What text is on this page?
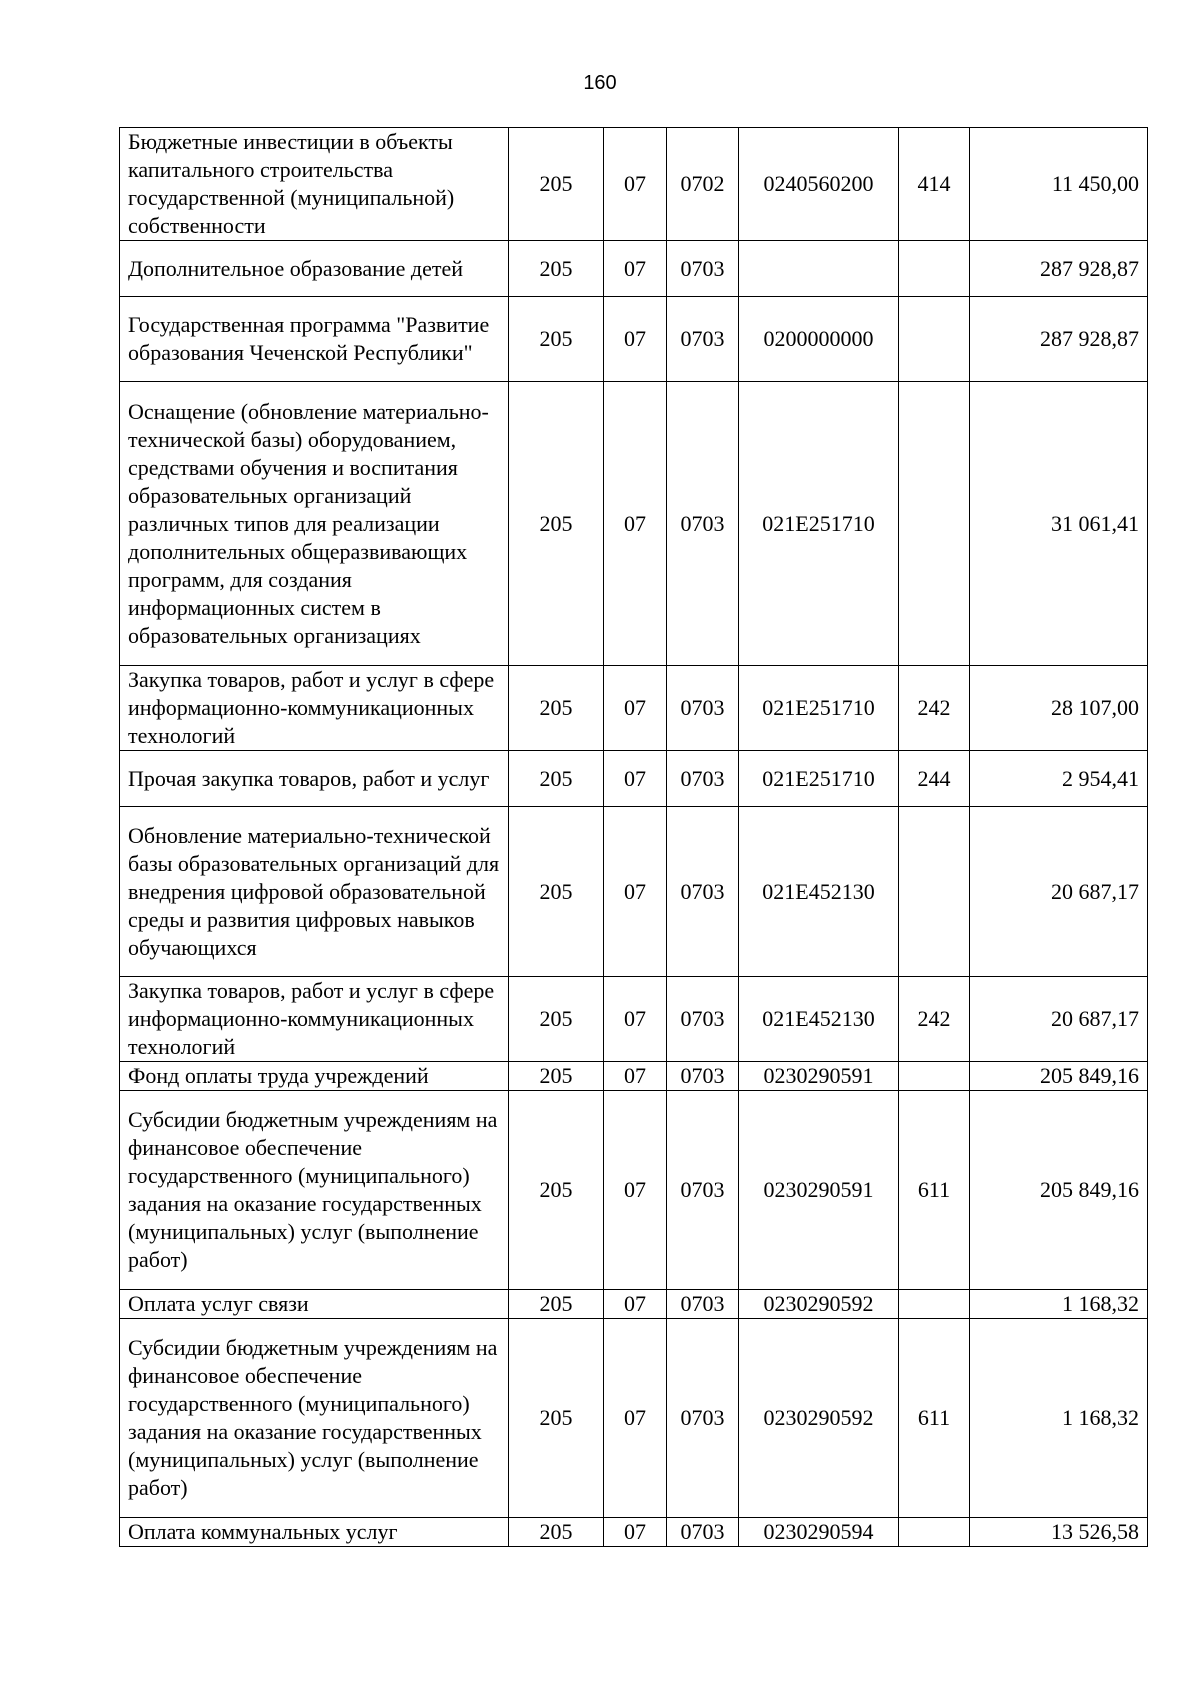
160
Бюджетные инвестиции в объекты капитального строительства государственной (муниципальной) собственности	205	07	0702	0240560200	414	11 450,00
Дополнительное образование детей	205	07	0703			287 928,87
Государственная программа "Развитие образования Чеченской Республики"	205	07	0703	0200000000		287 928,87
Оснащение (обновление материально-технической базы) оборудованием, средствами обучения и воспитания образовательных организаций различных типов для реализации дополнительных общеразвивающих программ, для создания информационных систем в образовательных организациях	205	07	0703	021E251710		31 061,41
Закупка товаров, работ и услуг в сфере информационно-коммуникационных технологий	205	07	0703	021E251710	242	28 107,00
Прочая закупка товаров, работ и услуг	205	07	0703	021E251710	244	2 954,41
Обновление материально-технической базы образовательных организаций для внедрения цифровой образовательной среды и развития цифровых навыков обучающихся	205	07	0703	021E452130		20 687,17
Закупка товаров, работ и услуг в сфере информационно-коммуникационных технологий	205	07	0703	021E452130	242	20 687,17
Фонд оплаты труда учреждений	205	07	0703	0230290591		205 849,16
Субсидии бюджетным учреждениям на финансовое обеспечение государственного (муниципального) задания на оказание государственных (муниципальных) услуг (выполнение работ)	205	07	0703	0230290591	611	205 849,16
Оплата услуг связи	205	07	0703	0230290592		1 168,32
Субсидии бюджетным учреждениям на финансовое обеспечение государственного (муниципального) задания на оказание государственных (муниципальных) услуг (выполнение работ)	205	07	0703	0230290592	611	1 168,32
Оплата коммунальных услуг	205	07	0703	0230290594		13 526,58
